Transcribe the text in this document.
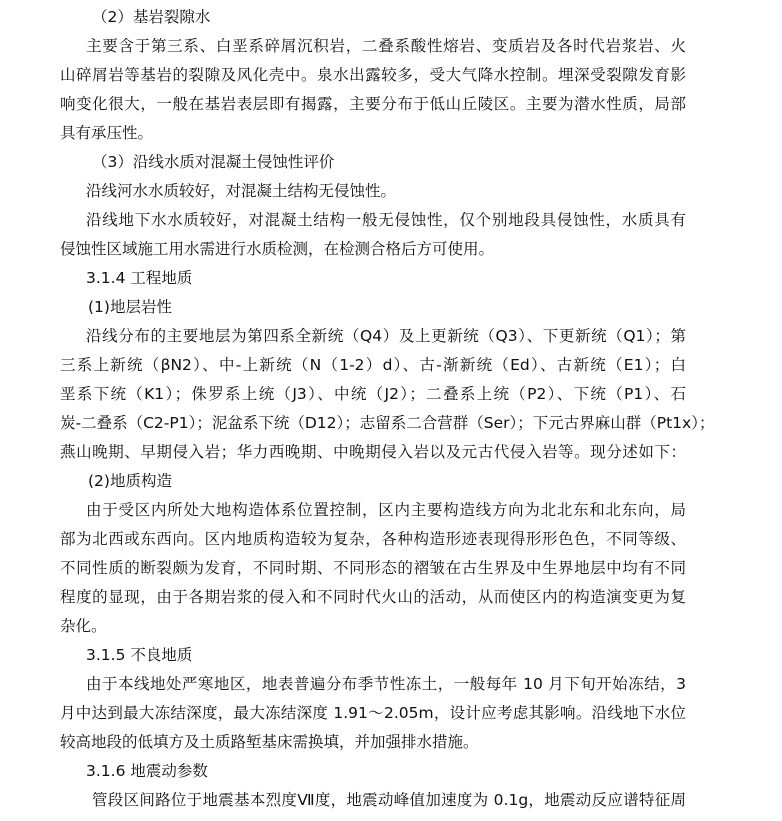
（2）基岩裂隙水
主要含于第三系、白垩系碎屑沉积岩，二叠系酸性熔岩、变质岩及各时代岩浆岩、火
山碎屑岩等基岩的裂隙及风化壳中。泉水出露较多，受大气降水控制。埋深受裂隙发育影
响变化很大，一般在基岩表层即有揭露，主要分布于低山丘陵区。主要为潜水性质，局部
具有承压性。
（3）沿线水质对混凝土侵蚀性评价
沿线河水水质较好，对混凝土结构无侵蚀性。
沿线地下水水质较好，对混凝土结构一般无侵蚀性，仅个别地段具侵蚀性，水质具有
侵蚀性区域施工用水需进行水质检测，在检测合格后方可使用。
3.1.4 工程地质
(1)地层岩性
沿线分布的主要地层为第四系全新统（Q4）及上更新统（Q3）、下更新统（Q1）；第
三系上新统（βN2）、中-上新统（N（1-2）d）、古-渐新统（Ed）、古新统（E1）；白
垩系下统（K1）；侏罗系上统（J3）、中统（J2）；二叠系上统（P2）、下统（P1）、石
炭-二叠系（C2-P1）；泥盆系下统（D12）；志留系二合营群（Ser）；下元古界麻山群（Pt1x）；
燕山晚期、早期侵入岩；华力西晚期、中晚期侵入岩以及元古代侵入岩等。现分述如下：
(2)地质构造
由于受区内所处大地构造体系位置控制，区内主要构造线方向为北北东和北东向，局
部为北西或东西向。区内地质构造较为复杂，各种构造形迹表现得形形色色，不同等级、
不同性质的断裂颇为发育，不同时期、不同形态的褶皱在古生界及中生界地层中均有不同
程度的显现，由于各期岩浆的侵入和不同时代火山的活动，从而使区内的构造演变更为复
杂化。
3.1.5 不良地质
由于本线地处严寒地区，地表普遍分布季节性冻土，一般每年 10 月下旬开始冻结，3
月中达到最大冻结深度，最大冻结深度 1.91～2.05m，设计应考虑其影响。沿线地下水位
较高地段的低填方及土质路堑基床需换填，并加强排水措施。
3.1.6 地震动参数
管段区间路位于地震基本烈度Ⅶ度，地震动峰值加速度为 0.1g，地震动反应谱特征周
